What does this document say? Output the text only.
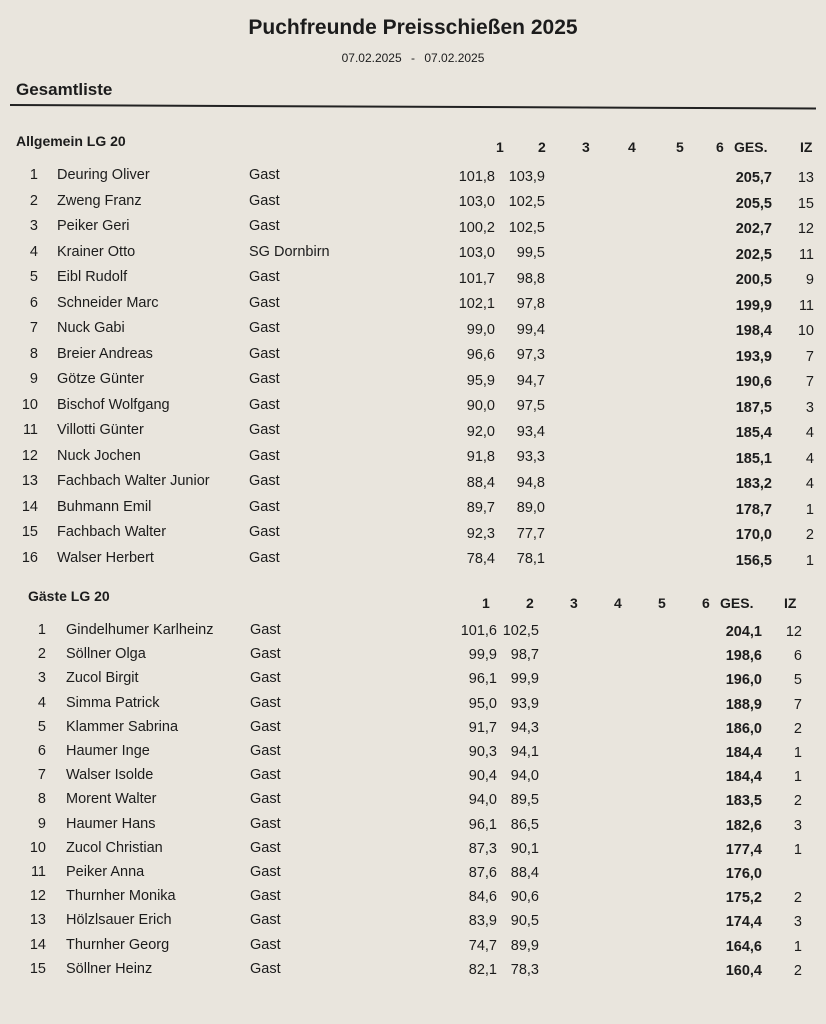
Puchfreunde Preisschießen 2025
07.02.2025 - 07.02.2025
Gesamtliste
Allgemein LG 20	1 2	3	4	5 6 GES. IZ
1 Deuring Oliver	Gast	101,8 103,9	205,7	13
2 Zweng Franz	Gast	103,0 102,5	205,5	15
3 Peiker Geri	Gast	100,2 102,5	202,7	12
4 Krainer Otto	SG Dornbirn	103,0	99,5	202,5	11
5 Eibl Rudolf	Gast	101,7	98,8	200,5	9
6 Schneider Marc	Gast	102,1	97,8	199,9	11
7 Nuck Gabi	Gast	99,0	99,4	198,4	10
8 Breier Andreas	Gast	96,6	97,3	193,9	7
9 Götze Günter	Gast	95,9	94,7	190,6	7
10 Bischof Wolfgang	Gast	90,0	97,5	187,5	3
11 Villotti Günter	Gast	92,0	93,4	185,4	4
12 Nuck Jochen	Gast	91,8	93,3	185,1	4
13 Fachbach Walter Junior	Gast	88,4	94,8	183,2	4
14 Buhmann Emil	Gast	89,7	89,0	178,7	1
15 Fachbach Walter	Gast	92,3	77,7	170,0	2
16 Walser Herbert	Gast	78,4	78,1	156,5	1
Gäste LG 20	1	2	3	4	5	6 GES. IZ
1 Gindelhumer Karlheinz	Gast	101,6 102,5	204,1	12
2 Söllner Olga	Gast	99,9 98,7	198,6	6
3 Zucol Birgit	Gast	96,1 99,9	196,0	5
4 Simma Patrick	Gast	95,0 93,9	188,9	7
5 Klammer Sabrina	Gast	91,7 94,3	186,0	2
6 Haumer Inge	Gast	90,3 94,1	184,4	1
7 Walser Isolde	Gast	90,4 94,0	184,4	1
8 Morent Walter	Gast	94,0 89,5	183,5	2
9 Haumer Hans	Gast	96,1 86,5	182,6	3
10 Zucol Christian	Gast	87,3 90,1	177,4	1
11 Peiker Anna	Gast	87,6 88,4	176,0
12 Thurnher Monika	Gast	84,6 90,6	175,2	2
13 Hölzlsauer Erich	Gast	83,9 90,5	174,4	3
14 Thurnher Georg	Gast	74,7 89,9	164,6	1
15 Söllner Heinz	Gast	82,1 78,3	160,4	2
